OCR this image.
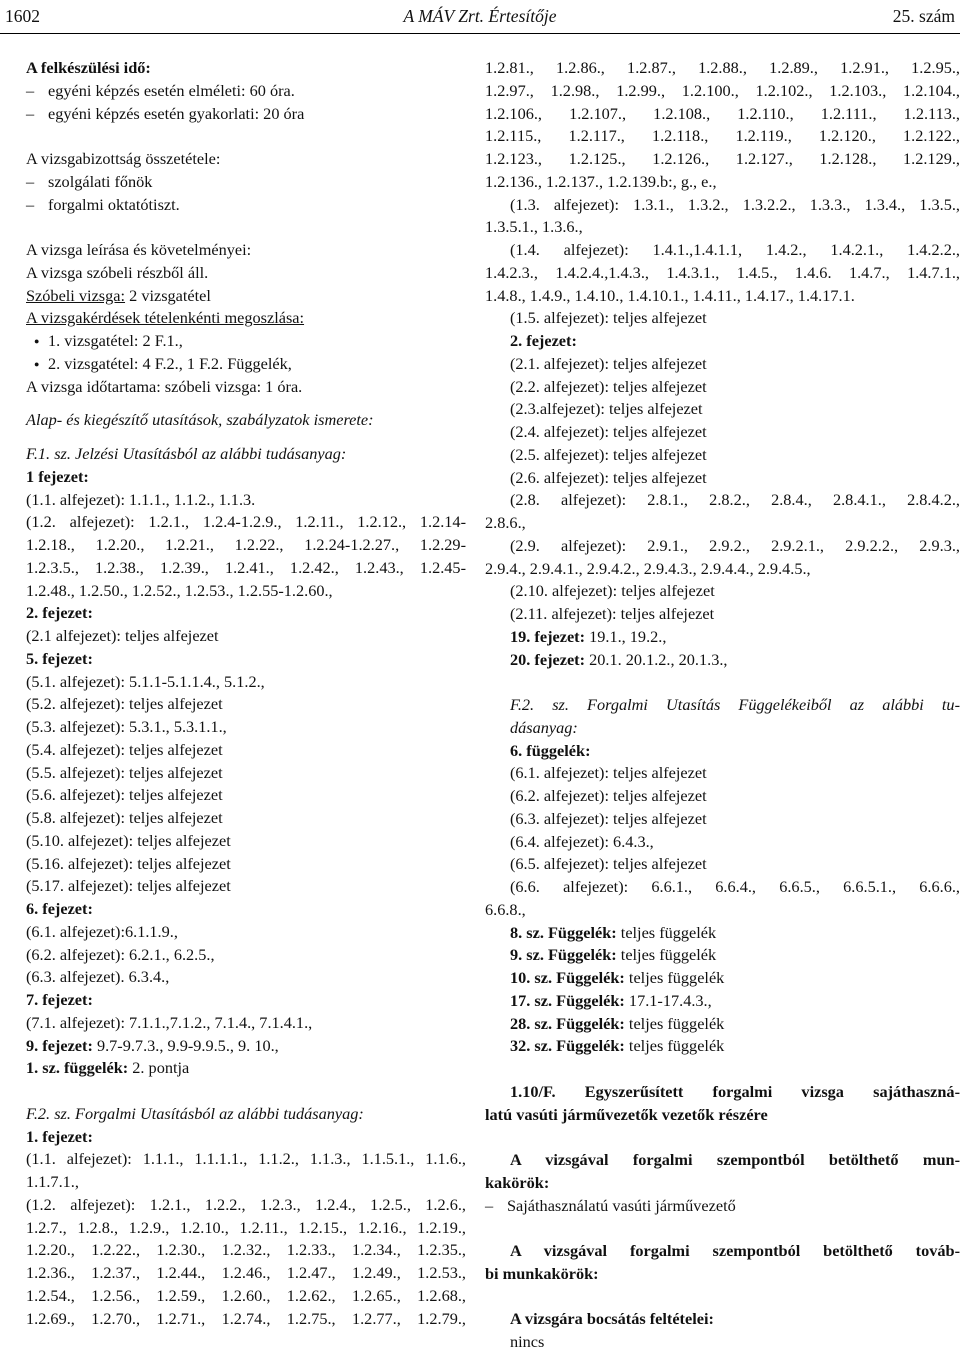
1602	A MÁV Zrt. Értesítője	25. szám
A felkészülési idő:
– egyéni képzés esetén elméleti: 60 óra.
– egyéni képzés esetén gyakorlati: 20 óra
A vizsgabizottság összetétele:
– szolgálati főnök
– forgalmi oktatótiszt.
A vizsga leírása és követelményei:
A vizsga szóbeli részből áll.
Szóbeli vizsga: 2 vizsgatétel
A vizsgakérdések tételenkénti megoszlása:
● 1. vizsgatétel: 2 F.1.,
● 2. vizsgatétel: 4 F.2., 1 F.2. Függelék,
A vizsga időtartama: szóbeli vizsga: 1 óra.
Alap- és kiegészítő utasítások, szabályzatok ismerete:
F.1. sz. Jelzési Utasításból az alábbi tudásanyag:
1 fejezet:
(1.1. alfejezet): 1.1.1., 1.1.2., 1.1.3.
(1.2. alfejezet): 1.2.1., 1.2.4-1.2.9., 1.2.11., 1.2.12., 1.2.14-
1.2.18., 1.2.20., 1.2.21., 1.2.22., 1.2.24-1.2.27., 1.2.29-
1.2.3.5., 1.2.38., 1.2.39., 1.2.41., 1.2.42., 1.2.43., 1.2.45-
1.2.48., 1.2.50., 1.2.52., 1.2.53., 1.2.55-1.2.60.,
2. fejezet:
(2.1 alfejezet): teljes alfejezet
5. fejezet:
(5.1. alfejezet): 5.1.1-5.1.1.4., 5.1.2.,
(5.2. alfejezet): teljes alfejezet
(5.3. alfejezet): 5.3.1., 5.3.1.1.,
(5.4. alfejezet): teljes alfejezet
(5.5. alfejezet): teljes alfejezet
(5.6. alfejezet): teljes alfejezet
(5.8. alfejezet): teljes alfejezet
(5.10. alfejezet): teljes alfejezet
(5.16. alfejezet): teljes alfejezet
(5.17. alfejezet): teljes alfejezet
6. fejezet:
(6.1. alfejezet):6.1.1.9.,
(6.2. alfejezet): 6.2.1., 6.2.5.,
(6.3. alfejezet). 6.3.4.,
7. fejezet:
(7.1. alfejezet): 7.1.1.,7.1.2., 7.1.4., 7.1.4.1.,
9. fejezet: 9.7-9.7.3., 9.9-9.9.5., 9. 10.,
1. sz. függelék: 2. pontja
F.2. sz. Forgalmi Utasításból az alábbi tudásanyag:
1. fejezet:
(1.1. alfejezet): 1.1.1., 1.1.1.1., 1.1.2., 1.1.3., 1.1.5.1., 1.1.6.,
1.1.7.1.,
(1.2. alfejezet): 1.2.1., 1.2.2., 1.2.3., 1.2.4., 1.2.5., 1.2.6.,
1.2.7., 1.2.8., 1.2.9., 1.2.10., 1.2.11., 1.2.15., 1.2.16., 1.2.19.,
1.2.20., 1.2.22., 1.2.30., 1.2.32., 1.2.33., 1.2.34., 1.2.35.,
1.2.36., 1.2.37., 1.2.44., 1.2.46., 1.2.47., 1.2.49., 1.2.53.,
1.2.54., 1.2.56., 1.2.59., 1.2.60., 1.2.62., 1.2.65., 1.2.68.,
1.2.69., 1.2.70., 1.2.71., 1.2.74., 1.2.75., 1.2.77., 1.2.79.,
1.2.81., 1.2.86., 1.2.87., 1.2.88., 1.2.89., 1.2.91., 1.2.95.,
1.2.97., 1.2.98., 1.2.99., 1.2.100., 1.2.102., 1.2.103., 1.2.104.,
1.2.106., 1.2.107., 1.2.108., 1.2.110., 1.2.111., 1.2.113.,
1.2.115., 1.2.117., 1.2.118., 1.2.119., 1.2.120., 1.2.122.,
1.2.123., 1.2.125., 1.2.126., 1.2.127., 1.2.128., 1.2.129.,
1.2.136., 1.2.137., 1.2.139.b:, g., e.,
(1.3. alfejezet): 1.3.1., 1.3.2., 1.3.2.2., 1.3.3., 1.3.4., 1.3.5.,
1.3.5.1., 1.3.6.,
(1.4. alfejezet): 1.4.1.,1.4.1.1, 1.4.2., 1.4.2.1., 1.4.2.2.,
1.4.2.3., 1.4.2.4.,1.4.3., 1.4.3.1., 1.4.5., 1.4.6. 1.4.7., 1.4.7.1.,
1.4.8., 1.4.9., 1.4.10., 1.4.10.1., 1.4.11., 1.4.17., 1.4.17.1.
(1.5. alfejezet): teljes alfejezet
2. fejezet:
(2.1. alfejezet): teljes alfejezet
(2.2. alfejezet): teljes alfejezet
(2.3.alfejezet): teljes alfejezet
(2.4. alfejezet): teljes alfejezet
(2.5. alfejezet): teljes alfejezet
(2.6. alfejezet): teljes alfejezet
(2.8. alfejezet): 2.8.1., 2.8.2., 2.8.4., 2.8.4.1., 2.8.4.2.,
2.8.6.,
(2.9. alfejezet): 2.9.1., 2.9.2., 2.9.2.1., 2.9.2.2., 2.9.3.,
2.9.4., 2.9.4.1., 2.9.4.2., 2.9.4.3., 2.9.4.4., 2.9.4.5.,
(2.10. alfejezet): teljes alfejezet
(2.11. alfejezet): teljes alfejezet
19. fejezet: 19.1., 19.2.,
20. fejezet: 20.1. 20.1.2., 20.1.3.,
F.2. sz. Forgalmi Utasítás Függelékeiből az alábbi tu-
dásanyag:
6. függelék:
(6.1. alfejezet): teljes alfejezet
(6.2. alfejezet): teljes alfejezet
(6.3. alfejezet): teljes alfejezet
(6.4. alfejezet): 6.4.3.,
(6.5. alfejezet): teljes alfejezet
(6.6. alfejezet): 6.6.1., 6.6.4., 6.6.5., 6.6.5.1., 6.6.6.,
6.6.8.,
8. sz. Függelék: teljes függelék
9. sz. Függelék: teljes függelék
10. sz. Függelék: teljes függelék
17. sz. Függelék: 17.1-17.4.3.,
28. sz. Függelék: teljes függelék
32. sz. Függelék: teljes függelék
1.10/F. Egyszerűsített forgalmi vizsga sajáthaszná-
latú vasúti járművezetők vezetők részére
A vizsgával forgalmi szempontból betölthető mun-
kakörök:
– Sajáthasználatú vasúti járművezető
A vizsgával forgalmi szempontból betölthető továb-
bi munkakörök:
A vizsgára bocsátás feltételei:
nincs
